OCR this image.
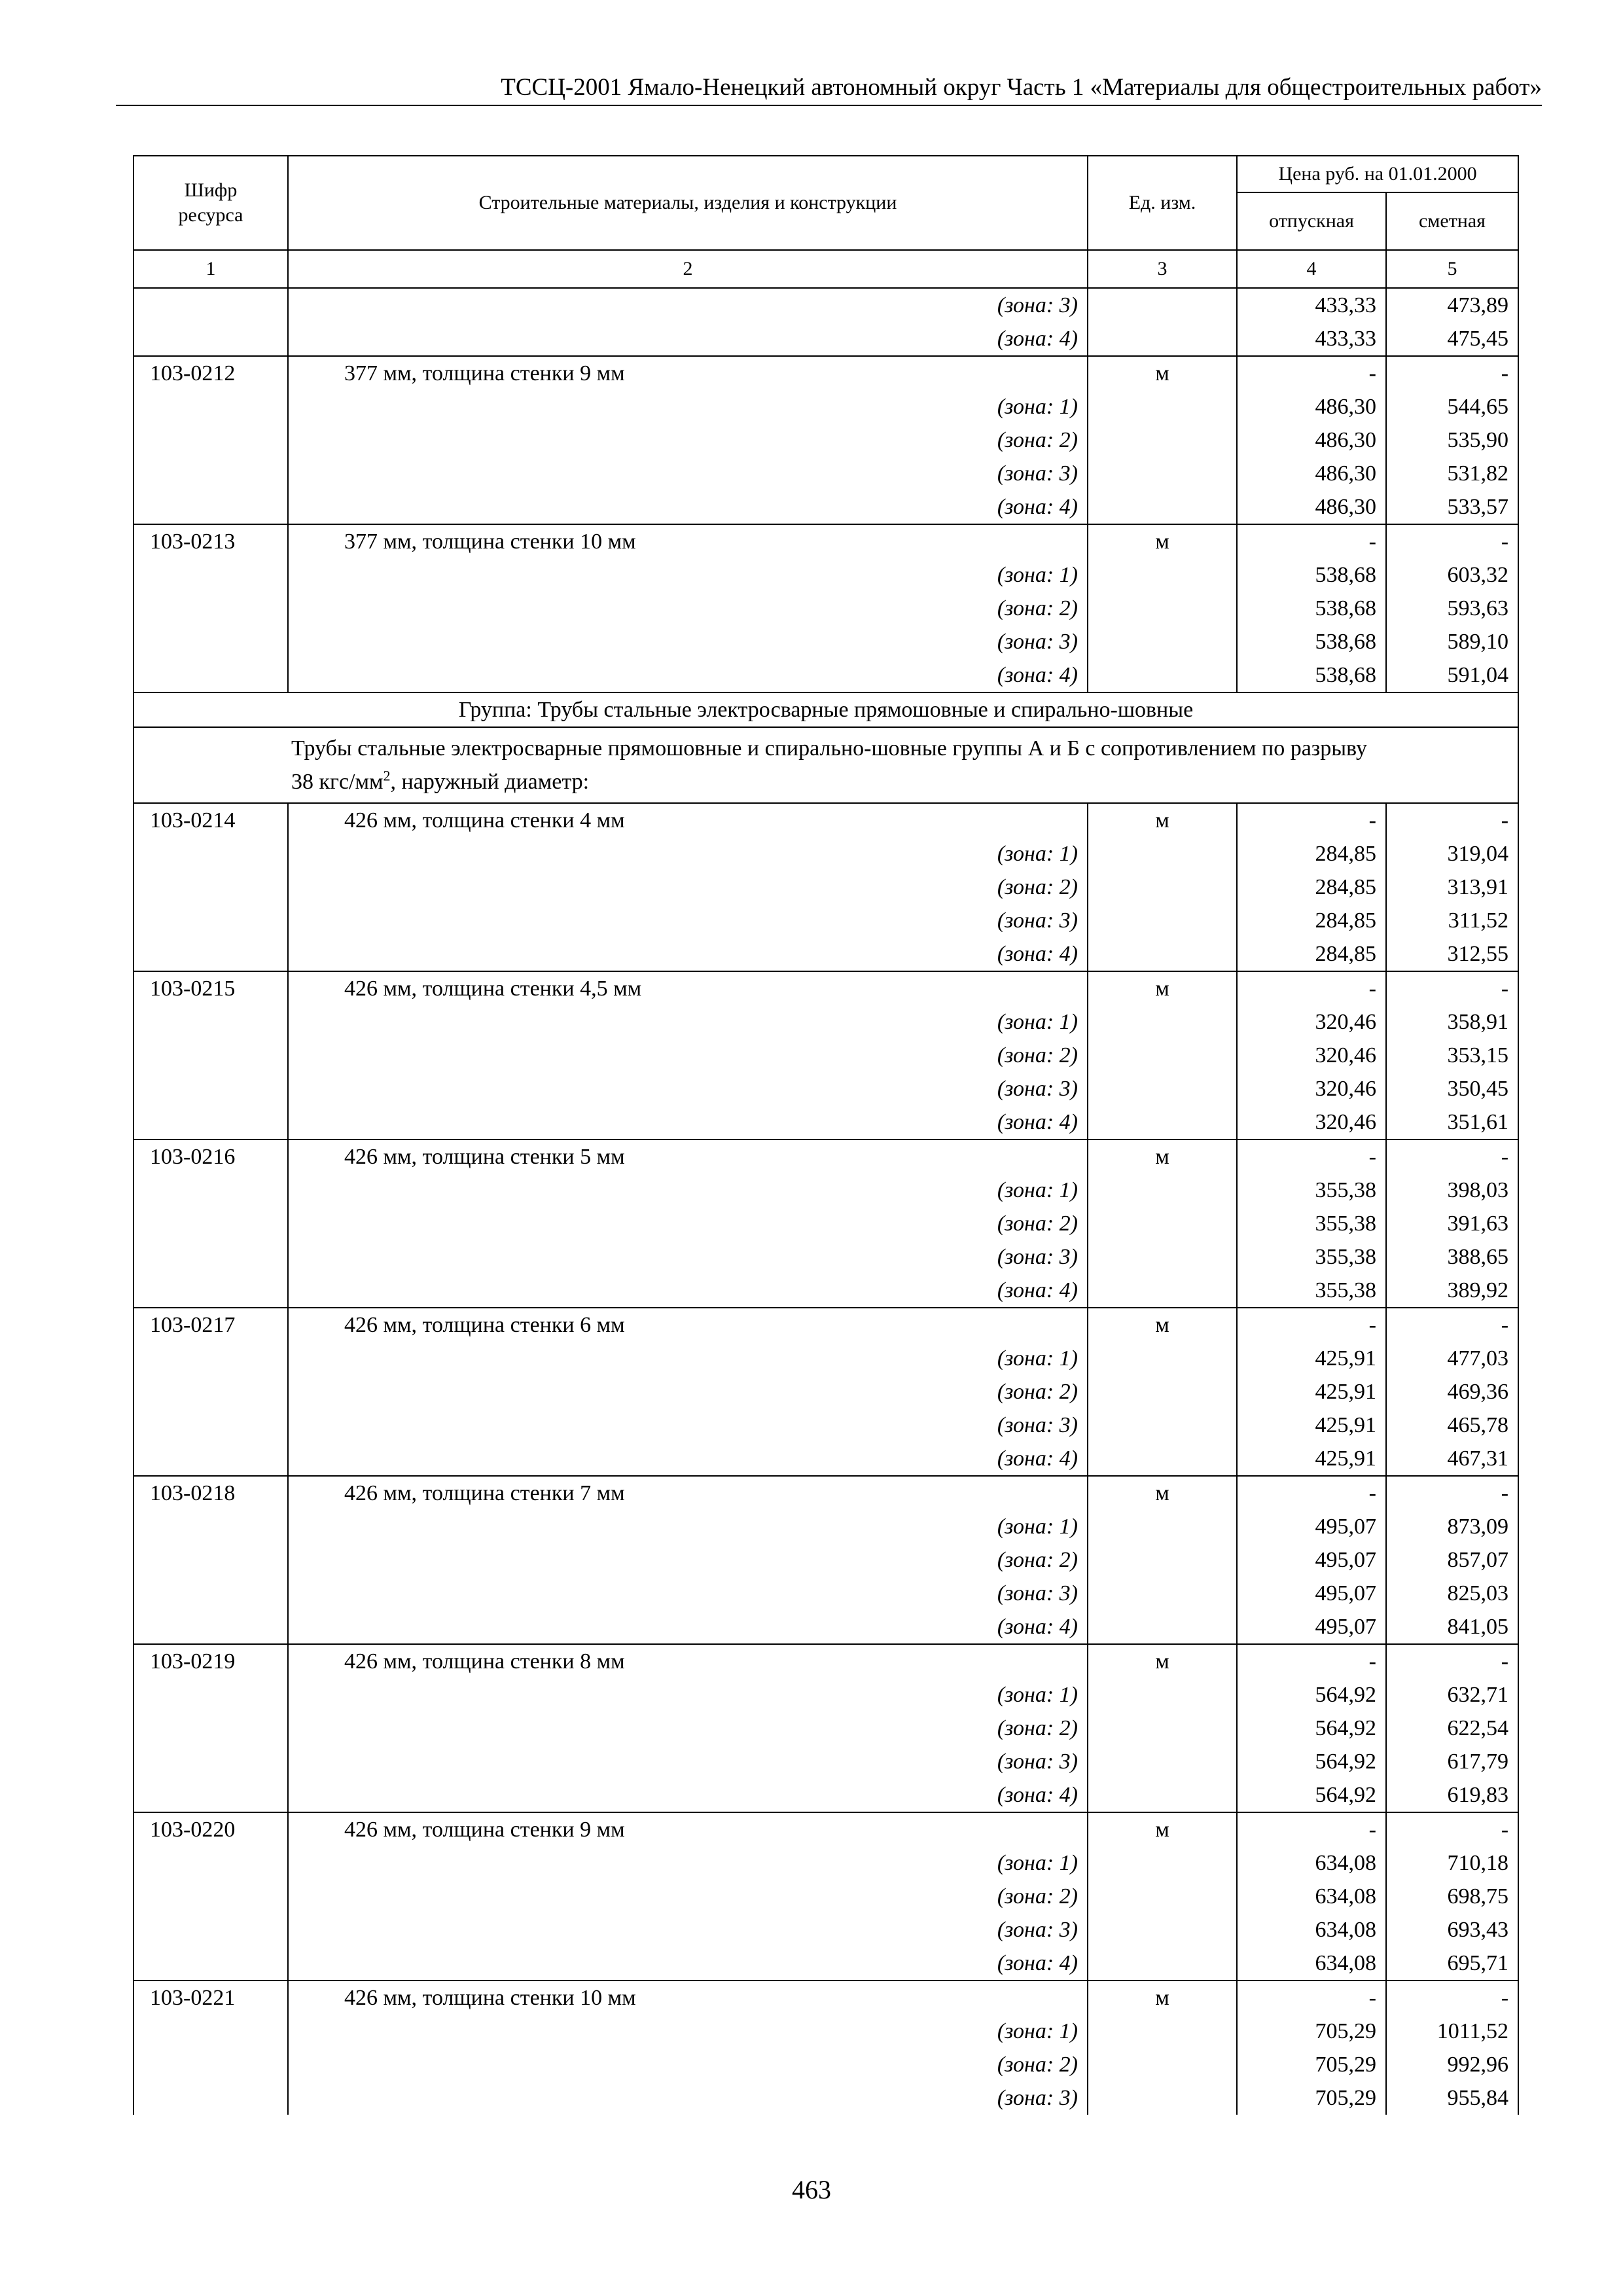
ТССЦ-2001 Ямало-Ненецкий автономный округ Часть 1 «Материалы для общестроительных работ»
Шифр ресурса	Строительные материалы, изделия и конструкции	Ед. изм.	Цена руб. на 01.01.2000	
			отпускная	сметная
1	2	3	4	5
	(зона: 3)		433,33	473,89
	(зона: 4)		433,33	475,45
103-0212	377 мм, толщина стенки 9 мм	м	-	-
	(зона: 1)		486,30	544,65
	(зона: 2)		486,30	535,90
	(зона: 3)		486,30	531,82
	(зона: 4)		486,30	533,57
103-0213	377 мм, толщина стенки 10 мм	м	-	-
	(зона: 1)		538,68	603,32
	(зона: 2)		538,68	593,63
	(зона: 3)		538,68	589,10
	(зона: 4)		538,68	591,04
Группа: Трубы стальные электросварные прямошовные и спирально-шовные				
Трубы стальные электросварные прямошовные и спирально-шовные группы А и Б с сопротивлением по разрыву
38 кгс/$мм^2$, наружный диаметр:				
103-0214	426 мм, толщина стенки 4 мм	м	-	-
	(зона: 1)		284,85	319,04
	(зона: 2)		284,85	313,91
	(зона: 3)		284,85	311,52
	(зона: 4)		284,85	312,55
103-0215	426 мм, толщина стенки 4,5 мм	м	-	-
	(зона: 1)		320,46	358,91
	(зона: 2)		320,46	353,15
	(зона: 3)		320,46	350,45
	(зона: 4)		320,46	351,61
103-0216	426 мм, толщина стенки 5 мм	м	-	-
	(зона: 1)		355,38	398,03
	(зона: 2)		355,38	391,63
	(зона: 3)		355,38	388,65
	(зона: 4)		355,38	389,92
103-0217	426 мм, толщина стенки 6 мм	м	-	-
	(зона: 1)		425,91	477,03
	(зона: 2)		425,91	469,36
	(зона: 3)		425,91	465,78
	(зона: 4)		425,91	467,31
103-0218	426 мм, толщина стенки 7 мм	м	-	-
	(зона: 1)		495,07	873,09
	(зона: 2)		495,07	857,07
	(зона: 3)		495,07	825,03
	(зона: 4)		495,07	841,05
103-0219	426 мм, толщина стенки 8 мм	м	-	-
	(зона: 1)		564,92	632,71
	(зона: 2)		564,92	622,54
	(зона: 3)		564,92	617,79
	(зона: 4)		564,92	619,83
103-0220	426 мм, толщина стенки 9 мм	м	-	-
	(зона: 1)		634,08	710,18
	(зона: 2)		634,08	698,75
	(зона: 3)		634,08	693,43
	(зона: 4)		634,08	695,71
103-0221	426 мм, толщина стенки 10 мм	м	-	-
	(зона: 1)		705,29	1011,52
	(зона: 2)		705,29	992,96
	(зона: 3)		705,29	955,84
463
